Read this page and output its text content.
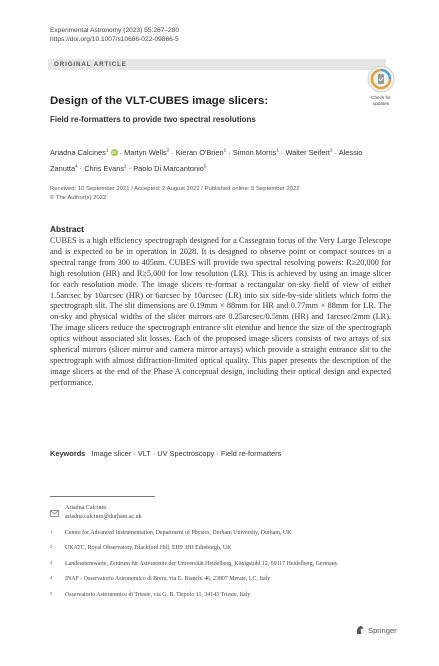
Experimental Astronomy (2023) 55:267–280
https://doi.org/10.1007/s10686-022-09866-5
ORIGINAL ARTICLE
Check for
updates
Design of the VLT-CUBES image slicers:
Field re-formatters to provide two spectral resolutions
Ariadna Calcines$^1$ iD · Martyn Wells$^2$ · Kieran O'Brien$^1$ · Simon Morris$^1$ · Walter Seifert$^3$ · Alessio Zanutta$^4$ · Chris Evans$^2$ · Paolo Di Marcantonio$^5$
Received: 10 September 2021 / Accepted: 2 August 2022 / Published online: 5 September 2022
© The Author(s) 2022
Abstract
CUBES is a high efficiency spectrograph designed for a Cassegrain focus of the Very Large Telescope and is expected to be in operation in 2028. It is designed to observe point or compact sources in a spectral range from 300 to 405nm. CUBES will provide two spectral resolving powers: R≥20,000 for high resolution (HR) and R≥5,000 for low resolution (LR). This is achieved by using an image slicer for each resolution mode. The image slicers re-format a rectangular on-sky field of view of either 1.5arcsec by 10arcsec (HR) or 6arcsec by 10arcsec (LR) into six side-by-side slitlets which form the spectrograph slit. The slit dimensions are 0.19mm × 88mm for HR and 0.77mm × 88mm for LR. The on-sky and physical widths of the slicer mirrors are 0.25arcsec/0.5mm (HR) and 1arcsec/2mm (LR). The image slicers reduce the spectrograph entrance slit etendue and hence the size of the spectrograph optics without associated slit losses. Each of the proposed image slicers consists of two arrays of six spherical mirrors (slicer mirror and camera mirror arrays) which provide a straight entrance slit to the spectrograph with almost diffraction-limited optical quality. This paper presents the description of the image slicers at the end of the Phase A conceptual design, including their optical design and expected performance.
Keywords Image slicer · VLT · UV Spectroscopy · Field re-formatters
Ariadna Calcines
ariadna.calcines@durham.ac.uk
1 Centre for Advanced Instrumentation, Department of Physics, Durham University, Durham, UK
2 UKATC, Royal Observatory, Blackford Hill, EH9 3HJ Edinburgh, UK
3 Landessternwarte, Zentrum für Astronomie der Universität Heidelberg, Königstuhl 12, 69117 Heidelberg, Germany
4 INAF - Osservatorio Astronomico di Brera, via E. Bianchi 46, 23807 Merate, LC, Italy
5 Osservatorio Astronomico di Trieste, via G. B. Tiepolo 11, 34143 Trieste, Italy
Springer
